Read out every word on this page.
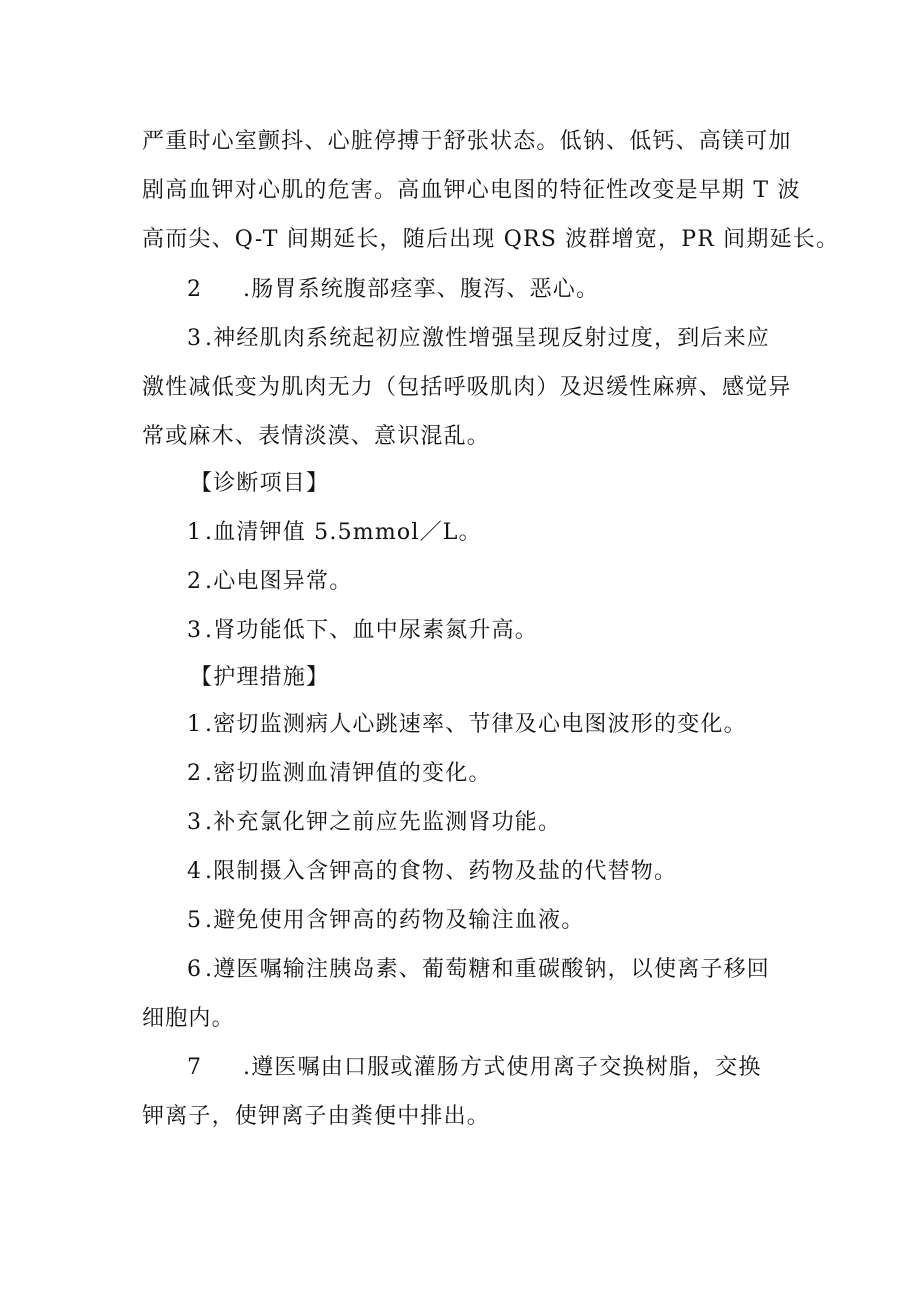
严重时心室颤抖、心脏停搏于舒张状态。低钠、低钙、高镁可加
剧高血钾对心肌的危害。高血钾心电图的特征性改变是早期 T 波
高而尖、Q-T 间期延长，随后出现 QRS 波群增宽，PR 间期延长。
2 .肠胃系统腹部痉挛、腹泻、恶心。
3 .神经肌肉系统起初应激性增强呈现反射过度，到后来应
激性减低变为肌肉无力（包括呼吸肌肉）及迟缓性麻痹、感觉异
常或麻木、表情淡漠、意识混乱。
【诊断项目】
1 .血清钾值 5.5mmol／L。
2 .心电图异常。
3 .肾功能低下、血中尿素氮升高。
【护理措施】
1 .密切监测病人心跳速率、节律及心电图波形的变化。
2 .密切监测血清钾值的变化。
3 .补充氯化钾之前应先监测肾功能。
4 .限制摄入含钾高的食物、药物及盐的代替物。
5 .避免使用含钾高的药物及输注血液。
6 .遵医嘱输注胰岛素、葡萄糖和重碳酸钠，以使离子移回
细胞内。
7 .遵医嘱由口服或灌肠方式使用离子交换树脂，交换
钾离子，使钾离子由粪便中排出。
